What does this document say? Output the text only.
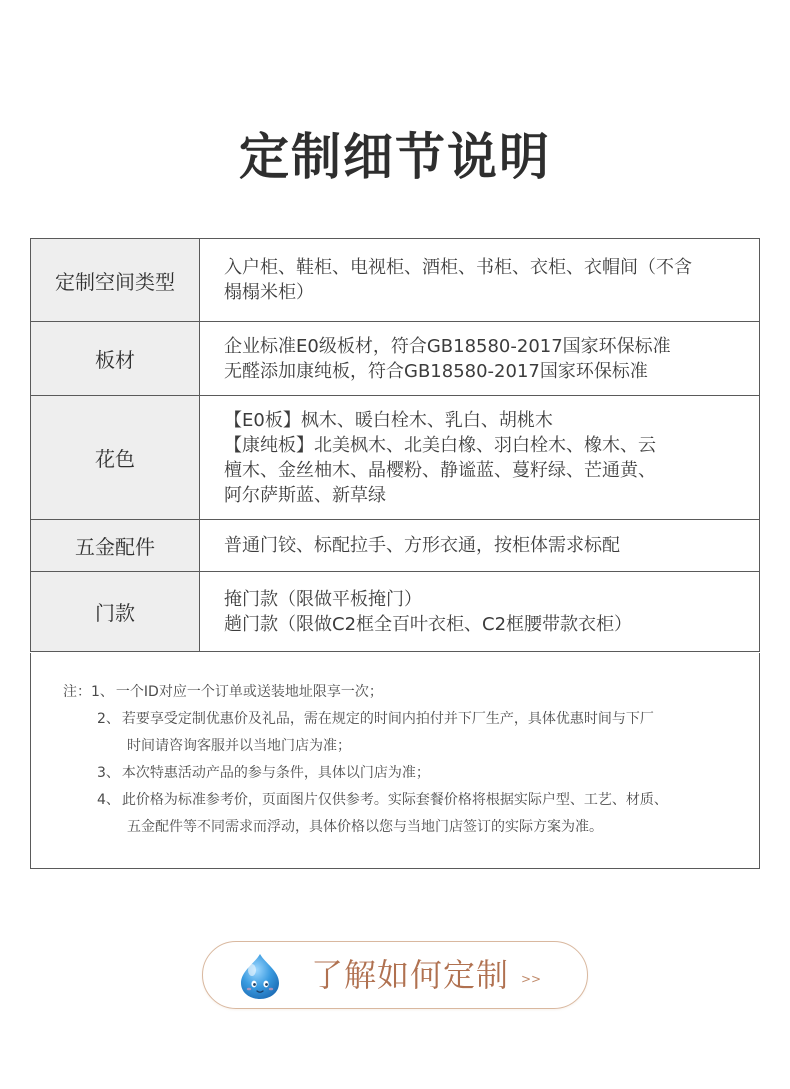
定制细节说明
定制空间类型	入户柜、鞋柜、电视柜、酒柜、书柜、衣柜、衣帽间（不含
榻榻米柜）

板材	企业标准E0级板材，符合GB18580-2017国家环保标准
无醛添加康纯板，符合GB18580-2017国家环保标准

花色	【E0板】枫木、暖白栓木、乳白、胡桃木
【康纯板】北美枫木、北美白橡、羽白栓木、橡木、云
檀木、金丝柚木、晶樱粉、静谧蓝、蔓籽绿、芒通黄、
阿尔萨斯蓝、新草绿

五金配件	普通门铰、标配拉手、方形衣通，按柜体需求标配

门款	掩门款（限做平板掩门）
趟门款（限做C2框全百叶衣柜、C2框腰带款衣柜）
注：1、 一个ID对应一个订单或送装地址限享一次；
2、 若要享受定制优惠价及礼品，需在规定的时间内拍付并下厂生产，具体优惠时间与下厂
时间请咨询客服并以当地门店为准；
3、 本次特惠活动产品的参与条件，具体以门店为准；
4、 此价格为标准参考价，页面图片仅供参考。实际套餐价格将根据实际户型、工艺、材质、
五金配件等不同需求而浮动，具体价格以您与当地门店签订的实际方案为准。
了解如何定制 >>
